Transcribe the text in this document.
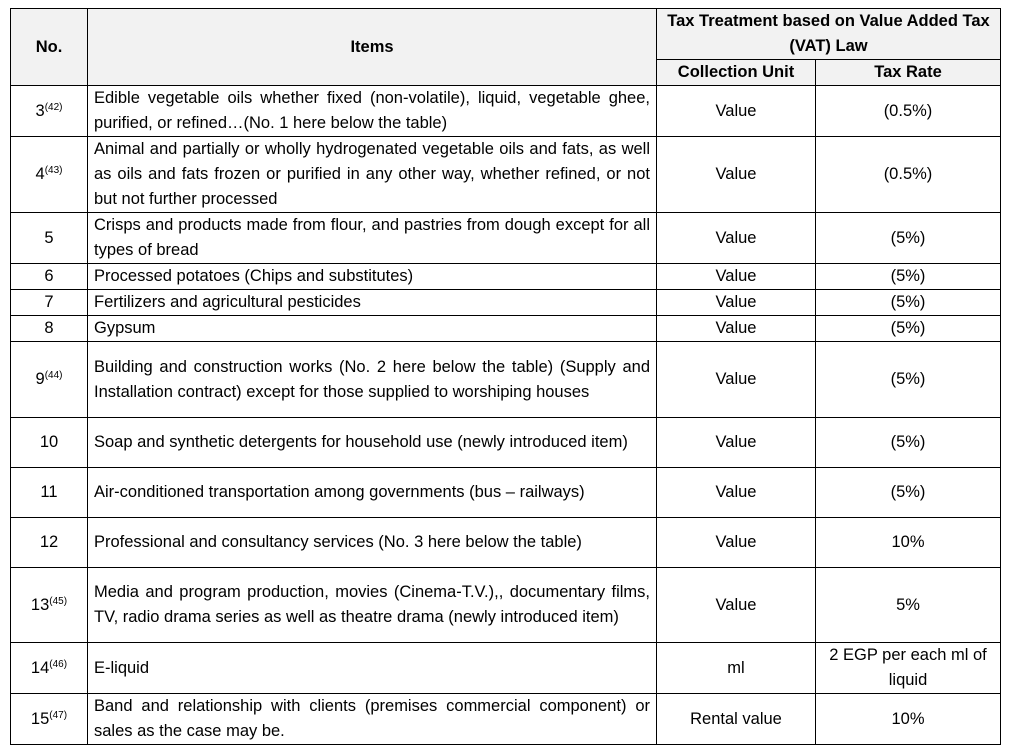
No.	Items	Tax Treatment based on Value Added Tax (VAT) Law	
		Collection Unit	Tax Rate
3$^{(42)}$	Edible vegetable oils whether fixed (non-volatile), liquid, vegetable ghee, purified, or refined…(No. 1 here below the table)	Value	(0.5%)
4$^{(43)}$	Animal and partially or wholly hydrogenated vegetable oils and fats, as well as oils and fats frozen or purified in any other way, whether refined, or not but not further processed	Value	(0.5%)
5	Crisps and products made from flour, and pastries from dough except for all types of bread	Value	(5%)
6	Processed potatoes (Chips and substitutes)	Value	(5%)
7	Fertilizers and agricultural pesticides	Value	(5%)
8	Gypsum	Value	(5%)
9$^{(44)}$	Building and construction works (No. 2 here below the table) (Supply and Installation contract) except for those supplied to worshiping houses	Value	(5%)
10	Soap and synthetic detergents for household use (newly introduced item)	Value	(5%)
11	Air-conditioned transportation among governments (bus – railways)	Value	(5%)
12	Professional and consultancy services (No. 3 here below the table)	Value	10%
13$^{(45)}$	Media and program production, movies (Cinema-T.V.),, documentary films, TV, radio drama series as well as theatre drama (newly introduced item)	Value	5%
14$^{(46)}$	E-liquid	ml	2 EGP per each ml of liquid
15$^{(47)}$	Band and relationship with clients (premises commercial component) or sales as the case may be.	Rental value	10%
